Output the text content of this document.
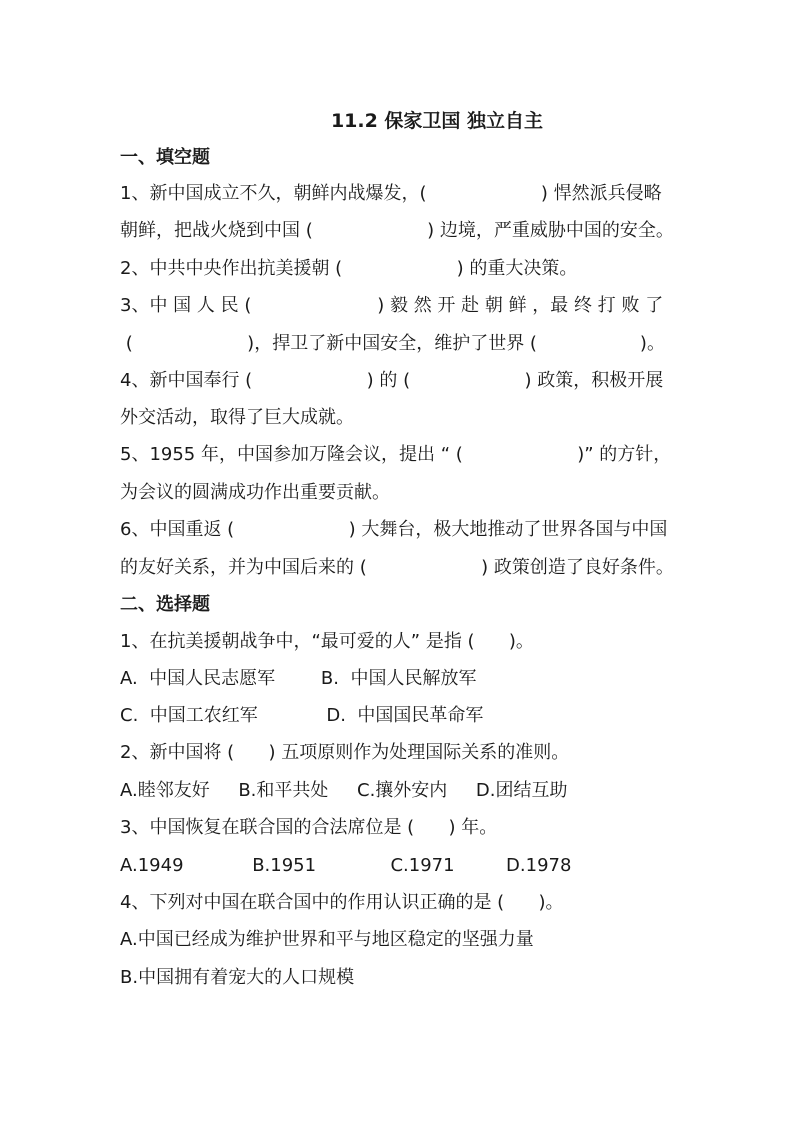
11.2 保家卫国 独立自主
一、填空题
1、新中国成立不久，朝鲜内战爆发，(                    ) 悍然派兵侵略
朝鲜，把战火烧到中国 (                    ) 边境，严重威胁中国的安全。
2、中共中央作出抗美援朝 (                    ) 的重大决策。
3、中 国 人 民 (                      ) 毅 然 开 赴 朝 鲜 ，最 终 打 败 了
(                    )，捍卫了新中国安全，维护了世界 (                  )。
4、新中国奉行 (                    ) 的 (                    ) 政策，积极开展
外交活动，取得了巨大成就。
5、1955 年，中国参加万隆会议，提出 “ (                    )” 的方针，
为会议的圆满成功作出重要贡献。
6、中国重返 (                    ) 大舞台，极大地推动了世界各国与中国
的友好关系，并为中国后来的 (                    ) 政策创造了良好条件。
二、选择题
1、在抗美援朝战争中，“最可爱的人” 是指 (      )。
A.  中国人民志愿军        B.  中国人民解放军
C.  中国工农红军            D.  中国国民革命军
2、新中国将 (      ) 五项原则作为处理国际关系的准则。
A.睦邻友好     B.和平共处     C.攘外安内     D.团结互助
3、中国恢复在联合国的合法席位是 (      ) 年。
A.1949            B.1951             C.1971         D.1978
4、下列对中国在联合国中的作用认识正确的是 (      )。
A.中国已经成为维护世界和平与地区稳定的坚强力量
B.中国拥有着宠大的人口规模
